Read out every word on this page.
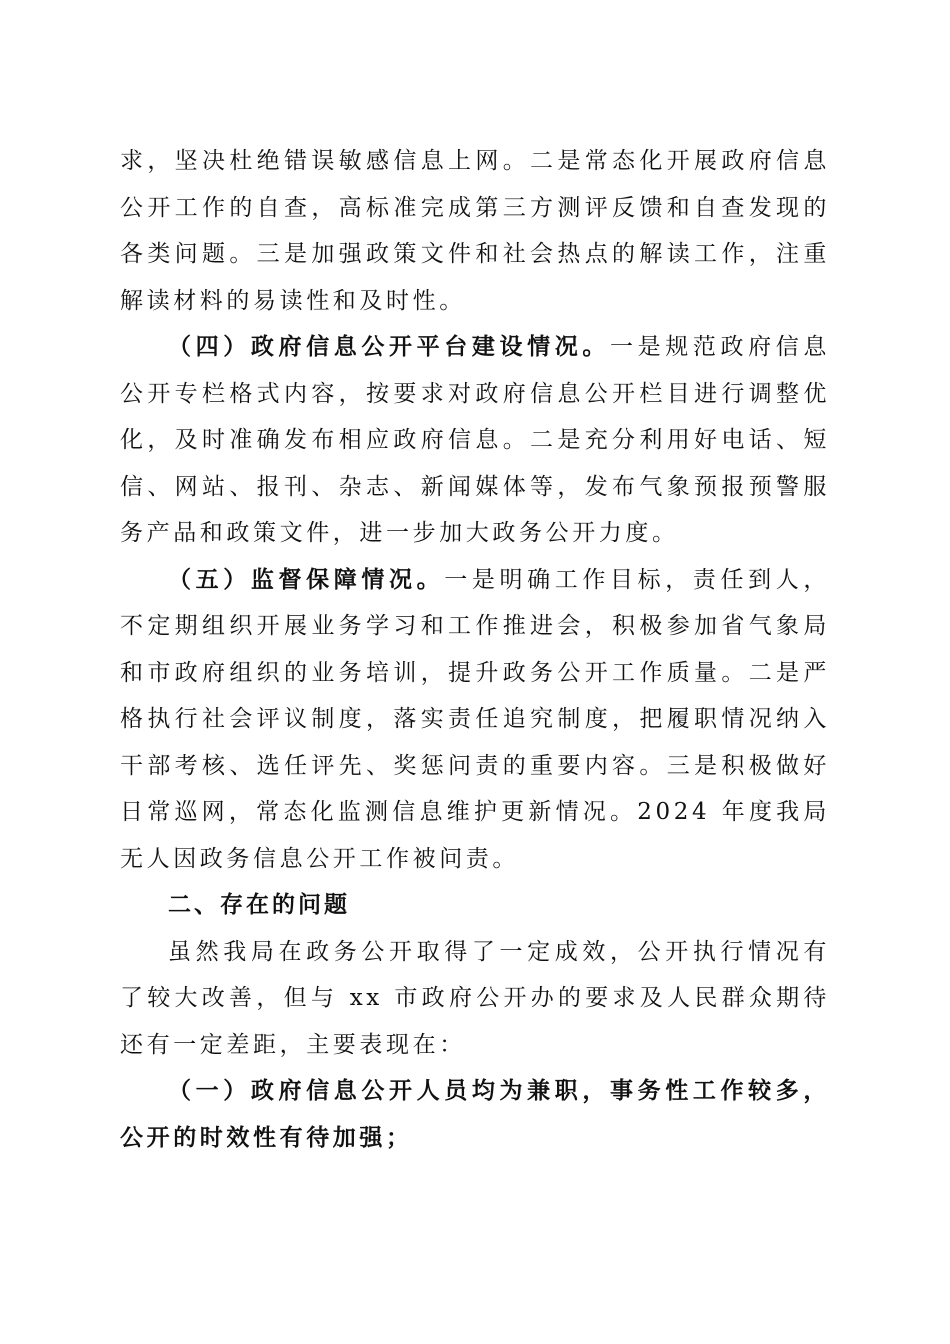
求，坚决杜绝错误敏感信息上网。二是常态化开展政府信息公开工作的自查，高标准完成第三方测评反馈和自查发现的各类问题。三是加强政策文件和社会热点的解读工作，注重解读材料的易读性和及时性。

（四）政府信息公开平台建设情况。一是规范政府信息公开专栏格式内容，按要求对政府信息公开栏目进行调整优化，及时准确发布相应政府信息。二是充分利用好电话、短信、网站、报刊、杂志、新闻媒体等，发布气象预报预警服务产品和政策文件，进一步加大政务公开力度。

（五）监督保障情况。一是明确工作目标，责任到人，不定期组织开展业务学习和工作推进会，积极参加省气象局和市政府组织的业务培训，提升政务公开工作质量。二是严格执行社会评议制度，落实责任追究制度，把履职情况纳入干部考核、选任评先、奖惩问责的重要内容。三是积极做好日常巡网，常态化监测信息维护更新情况。2024 年度我局无人因政务信息公开工作被问责。

二、存在的问题

虽然我局在政务公开取得了一定成效，公开执行情况有了较大改善，但与 xx 市政府公开办的要求及人民群众期待还有一定差距，主要表现在：

（一）政府信息公开人员均为兼职，事务性工作较多，公开的时效性有待加强；
